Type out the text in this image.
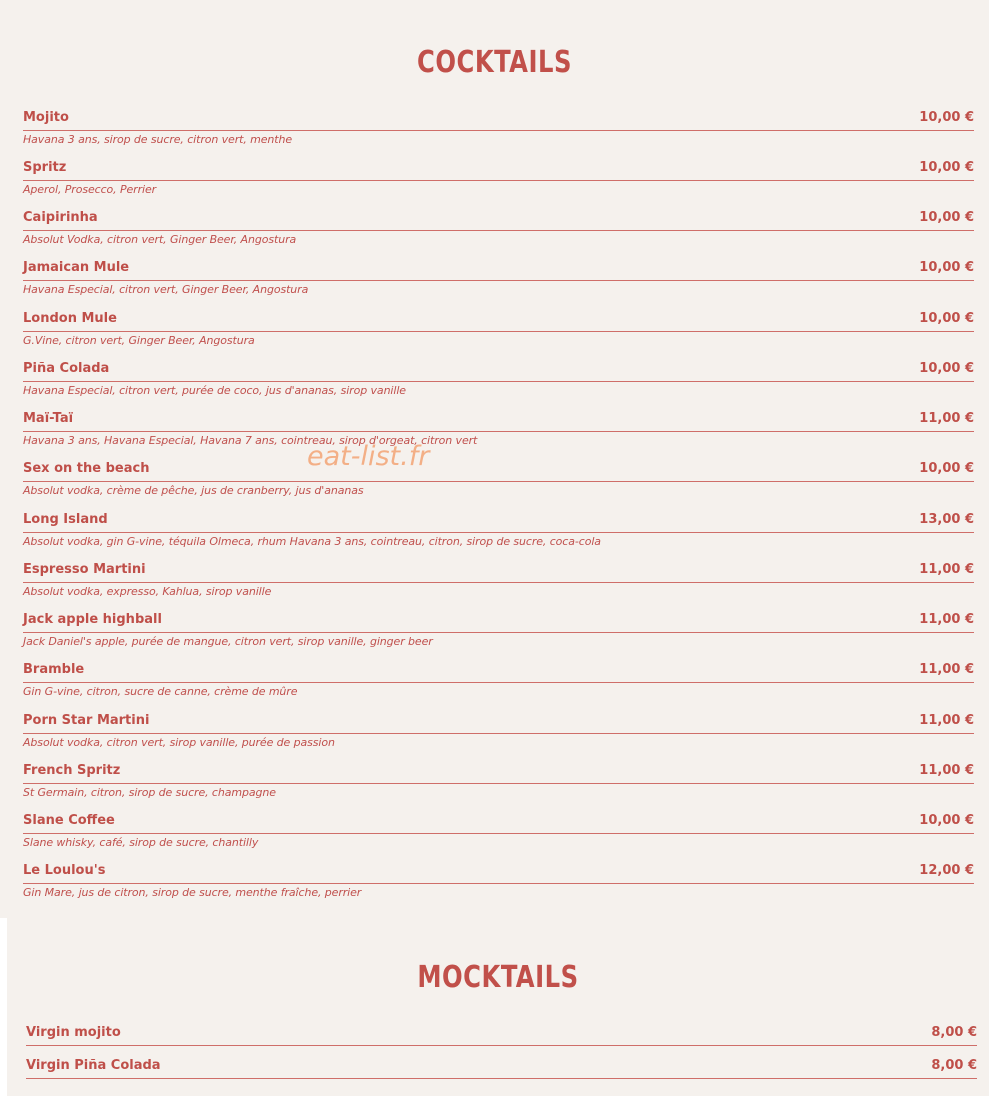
COCKTAILS
Mojito	10,00 €
Havana 3 ans, sirop de sucre, citron vert, menthe
Spritz	10,00 €
Aperol, Prosecco, Perrier
Caipirinha	10,00 €
Absolut Vodka, citron vert, Ginger Beer, Angostura
Jamaican Mule	10,00 €
Havana Especial, citron vert, Ginger Beer, Angostura
London Mule	10,00 €
G.Vine, citron vert, Ginger Beer, Angostura
Piña Colada	10,00 €
Havana Especial, citron vert, purée de coco, jus d'ananas, sirop vanille
Maï-Taï	11,00 €
Havana 3 ans, Havana Especial, Havana 7 ans, cointreau, sirop d'orgeat, citron vert
Sex on the beach	10,00 €
Absolut vodka, crème de pêche, jus de cranberry, jus d'ananas
Long Island	13,00 €
Absolut vodka, gin G-vine, téquila Olmeca, rhum Havana 3 ans, cointreau, citron, sirop de sucre, coca-cola
Espresso Martini	11,00 €
Absolut vodka, expresso, Kahlua, sirop vanille
Jack apple highball	11,00 €
Jack Daniel's apple, purée de mangue, citron vert, sirop vanille, ginger beer
Bramble	11,00 €
Gin G-vine, citron, sucre de canne, crème de mûre
Porn Star Martini	11,00 €
Absolut vodka, citron vert, sirop vanille, purée de passion
French Spritz	11,00 €
St Germain, citron, sirop de sucre, champagne
Slane Coffee	10,00 €
Slane whisky, café, sirop de sucre, chantilly
Le Loulou's	12,00 €
Gin Mare, jus de citron, sirop de sucre, menthe fraîche, perrier
eat-list.fr
MOCKTAILS
Virgin mojito	8,00 €
Virgin Piña Colada	8,00 €
